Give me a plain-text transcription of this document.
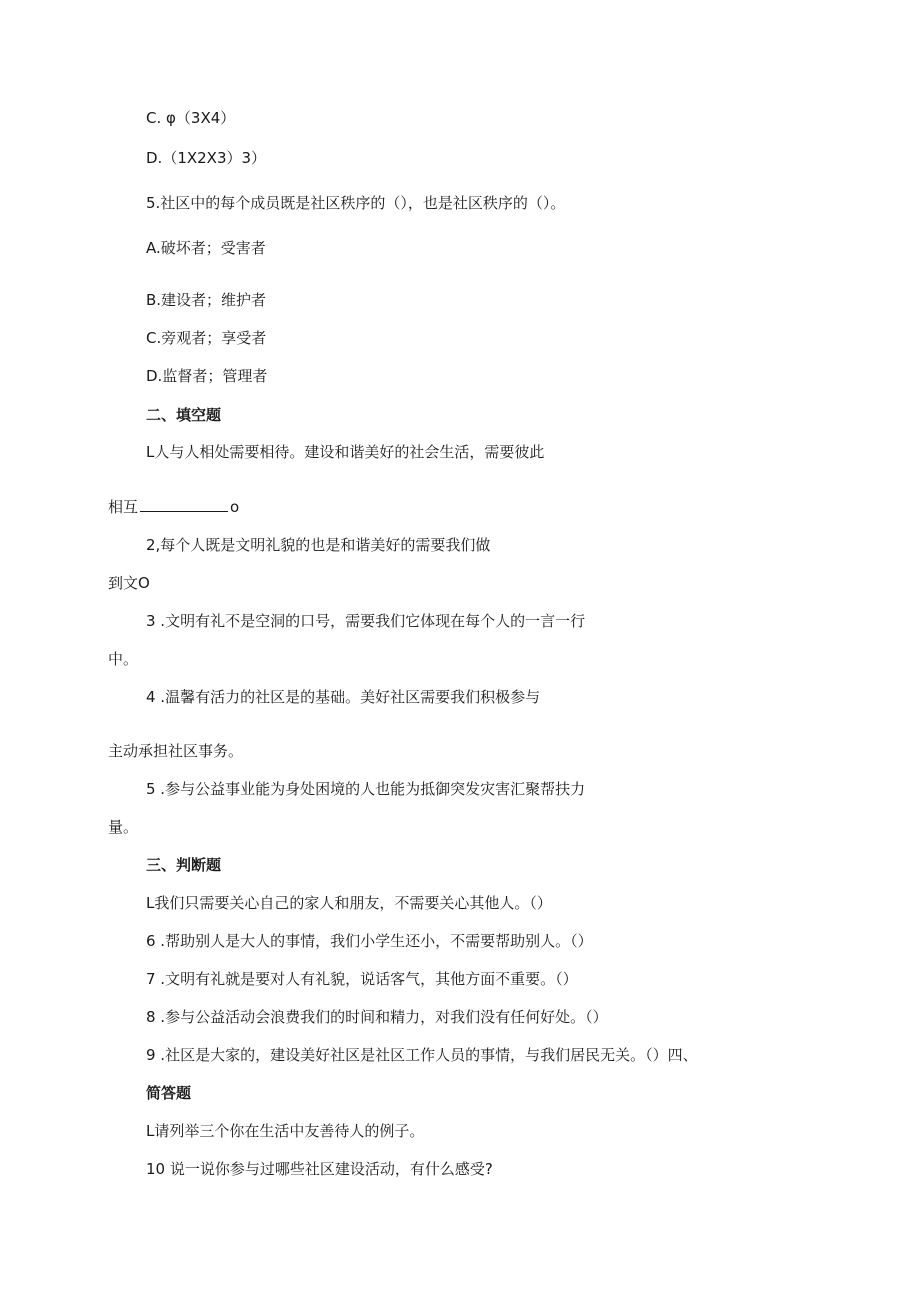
C. φ（3X4）
D.（1X2X3）3）
5.社区中的每个成员既是社区秩序的（），也是社区秩序的（）。
A.破坏者；受害者
B.建设者；维护者
C.旁观者；享受者
D.监督者；管理者
二、填空题
L人与人相处需要相待。建设和谐美好的社会生活，需要彼此
相互	o
2,每个人既是文明礼貌的也是和谐美好的需要我们做
到文O
3 .文明有礼不是空洞的口号，需要我们它体现在每个人的一言一行
中。
4 .温馨有活力的社区是的基础。美好社区需要我们积极参与
主动承担社区事务。
5 .参与公益事业能为身处困境的人也能为抵御突发灾害汇聚帮扶力
量。
三、判断题
L我们只需要关心自己的家人和朋友，不需要关心其他人。（）
6 .帮助别人是大人的事情，我们小学生还小，不需要帮助别人。（）
7 .文明有礼就是要对人有礼貌，说话客气，其他方面不重要。（）
8 .参与公益活动会浪费我们的时间和精力，对我们没有任何好处。（）
9 .社区是大家的，建设美好社区是社区工作人员的事情，与我们居民无关。（）四、
简答题
L请列举三个你在生活中友善待人的例子。
10 说一说你参与过哪些社区建设活动，有什么感受?
